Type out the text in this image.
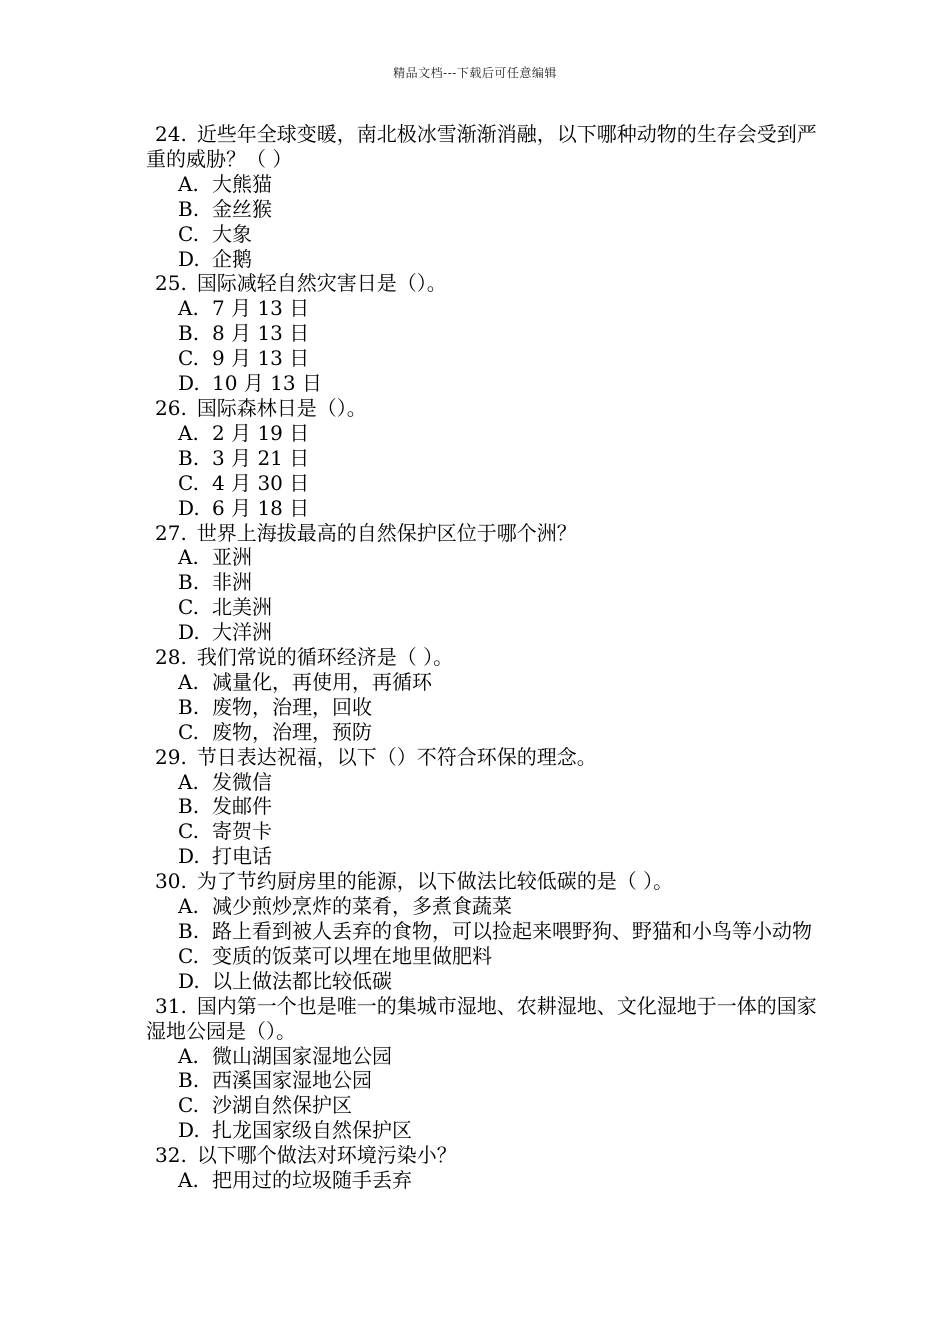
精品文档---下载后可任意编辑
24. 近些年全球变暖，南北极冰雪渐渐消融，以下哪种动物的生存会受到严重的威胁？（ ）
A. 大熊猫
B. 金丝猴
C. 大象
D. 企鹅
25. 国际减轻自然灾害日是（）。
A. 7 月 13 日
B. 8 月 13 日
C. 9 月 13 日
D. 10 月 13 日
26. 国际森林日是（）。
A. 2 月 19 日
B. 3 月 21 日
C. 4 月 30 日
D. 6 月 18 日
27. 世界上海拔最高的自然保护区位于哪个洲？
A. 亚洲
B. 非洲
C. 北美洲
D. 大洋洲
28. 我们常说的循环经济是（ ）。
A. 减量化，再使用，再循环
B. 废物，治理，回收
C. 废物，治理，预防
29. 节日表达祝福，以下（）不符合环保的理念。
A. 发微信
B. 发邮件
C. 寄贺卡
D. 打电话
30. 为了节约厨房里的能源，以下做法比较低碳的是（ ）。
A. 减少煎炒烹炸的菜肴，多煮食蔬菜
B. 路上看到被人丢弃的食物，可以捡起来喂野狗、野猫和小鸟等小动物
C. 变质的饭菜可以埋在地里做肥料
D. 以上做法都比较低碳
31. 国内第一个也是唯一的集城市湿地、农耕湿地、文化湿地于一体的国家湿地公园是（）。
A. 微山湖国家湿地公园
B. 西溪国家湿地公园
C. 沙湖自然保护区
D. 扎龙国家级自然保护区
32. 以下哪个做法对环境污染小？
A. 把用过的垃圾随手丢弃
